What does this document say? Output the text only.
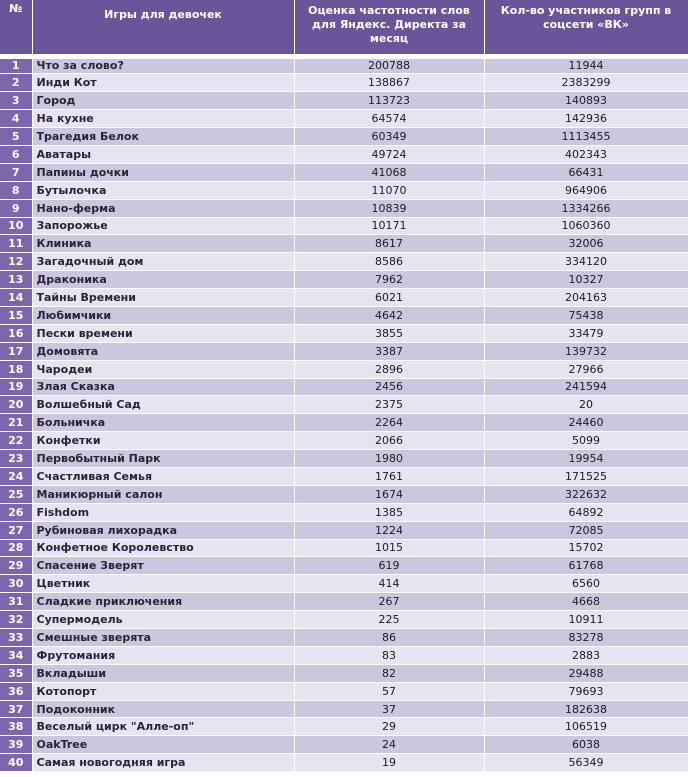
№	Игры для девочек	Оценка частотности слов для Яндекс. Директа за месяц	Кол-во участников групп в соцсети «ВК»
1	Что за слово?	200788	11944
2	Инди Кот	138867	2383299
3	Город	113723	140893
4	На кухне	64574	142936
5	Трагедия Белок	60349	1113455
6	Аватары	49724	402343
7	Папины дочки	41068	66431
8	Бутылочка	11070	964906
9	Нано-ферма	10839	1334266
10	Запорожье	10171	1060360
11	Клиника	8617	32006
12	Загадочный дом	8586	334120
13	Драконика	7962	10327
14	Тайны Времени	6021	204163
15	Любимчики	4642	75438
16	Пески времени	3855	33479
17	Домовята	3387	139732
18	Чародеи	2896	27966
19	Злая Сказка	2456	241594
20	Волшебный Сад	2375	20
21	Больничка	2264	24460
22	Конфетки	2066	5099
23	Первобытный Парк	1980	19954
24	Счастливая Семья	1761	171525
25	Маникюрный салон	1674	322632
26	Fishdom	1385	64892
27	Рубиновая лихорадка	1224	72085
28	Конфетное Королевство	1015	15702
29	Спасение Зверят	619	61768
30	Цветник	414	6560
31	Сладкие приключения	267	4668
32	Супермодель	225	10911
33	Смешные зверята	86	83278
34	Фрутомания	83	2883
35	Вкладыши	82	29488
36	Котопорт	57	79693
37	Подоконник	37	182638
38	Веселый цирк "Алле-оп"	29	106519
39	OakTree	24	6038
40	Самая новогодняя игра	19	56349
